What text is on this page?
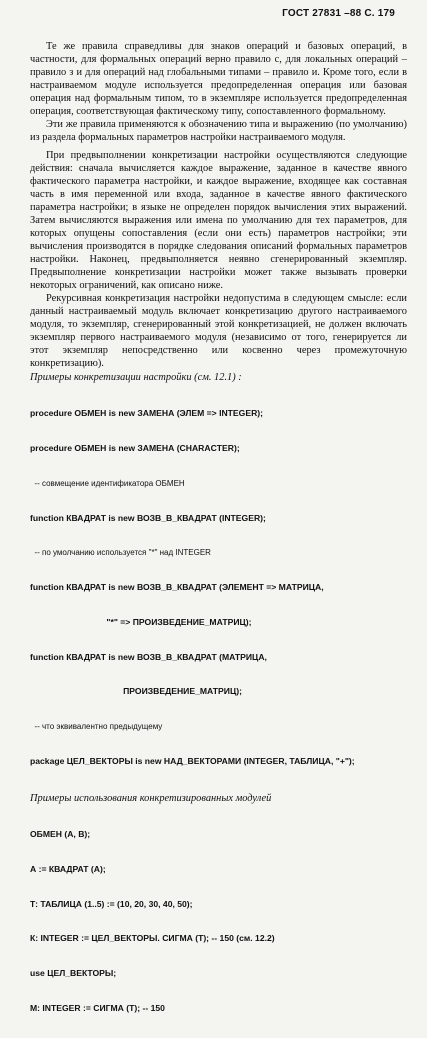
ГОСТ 27831 –88 С. 179

Те же правила справедливы для знаков операций и базовых операций, в частности, для формальных операций верно правило с, для локальных операций – правило з и для операций над глобальными типами – правило и. Кроме того, если в настраиваемом модуле используется предопределенная операция или базовая операция над формальным типом, то в экземпляре используется предопределенная операция, соответствующая фактическому типу, сопоставленного формальному.

Эти же правила применяются к обозначению типа и выражению (по умолчанию) из раздела формальных параметров настройки настраиваемого модуля.

При предвыполнении конкретизации настройки осуществляются следующие действия: сначала вычисляется каждое выражение, заданное в качестве явного фактического параметра настройки, и каждое выражение, входящее как составная часть в имя переменной или входа, заданное в качестве явного фактического параметра настройки; в языке не определен порядок вычисления этих выражений. Затем вычисляются выражения или имена по умолчанию для тех параметров, для которых опущены сопоставления (если они есть) параметров настройки; эти вычисления производятся в порядке следования описаний формальных параметров настройки. Наконец, предвыполняется неявно сгенерированный экземпляр. Предвыполнение конкретизации настройки может также вызывать проверки некоторых ограничений, как описано ниже.

Рекурсивная конкретизация настройки недопустима в следующем смысле: если данный настраиваемый модуль включает конкретизацию другого настраиваемого модуля, то экземпляр, сгенерированный этой конкретизацией, не должен включать экземпляр первого настраиваемого модуля (независимо от того, генерируется ли этот экземпляр непосредственно или косвенно через промежуточную конкретизацию).

Примеры конкретизации настройки (см. 12.1) :

procedure ОБМЕН is new ЗАМЕНА (ЭЛЕМ => INTEGER);

procedure ОБМЕН is new ЗАМЕНА (CHARACTER);

-- совмещение идентификатора ОБМЕН

function КВАДРАТ is new ВОЗВ_В_КВАДРАТ (INTEGER);

-- по умолчанию используется "*" над INTEGER

function КВАДРАТ is new ВОЗВ_В_КВАДРАТ (ЭЛЕМЕНТ => МАТРИЦА,

"*" => ПРОИЗВЕДЕНИЕ_МАТРИЦ);

function КВАДРАТ is new ВОЗВ_В_КВАДРАТ (МАТРИЦА,

ПРОИЗВЕДЕНИЕ_МАТРИЦ);

-- что эквивалентно предыдущему

package ЦЕЛ_ВЕКТОРЫ is new НАД_ВЕКТОРАМИ (INTEGER, ТАБЛИЦА, "+");

Примеры использования конкретизированных модулей

ОБМЕН (А, В);

А := КВАДРАТ (А);

Т: ТАБЛИЦА (1..5) := (10, 20, 30, 40, 50);

К: INTEGER := ЦЕЛ_ВЕКТОРЫ. СИГМА (Т); -- 150 (см. 12.2)

use ЦЕЛ_ВЕКТОРЫ;

М: INTEGER := СИГМА (Т); -- 150
